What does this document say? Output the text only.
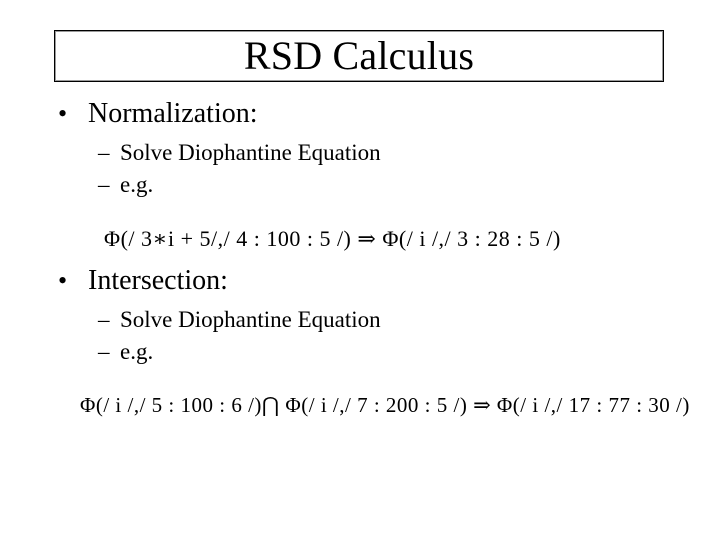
RSD Calculus
• Normalization:
– Solve Diophantine Equation
– e.g.
Φ(/ 3∗i + 5/,/ 4 : 100 : 5 /) ⇒ Φ(/ i /,/ 3 : 28 : 5 /)
• Intersection:
– Solve Diophantine Equation
– e.g.
Φ(/ i /,/ 5 : 100 : 6 /)⋂ Φ(/ i /,/ 7 : 200 : 5 /) ⇒ Φ(/ i /,/ 17 : 77 : 30 /)
